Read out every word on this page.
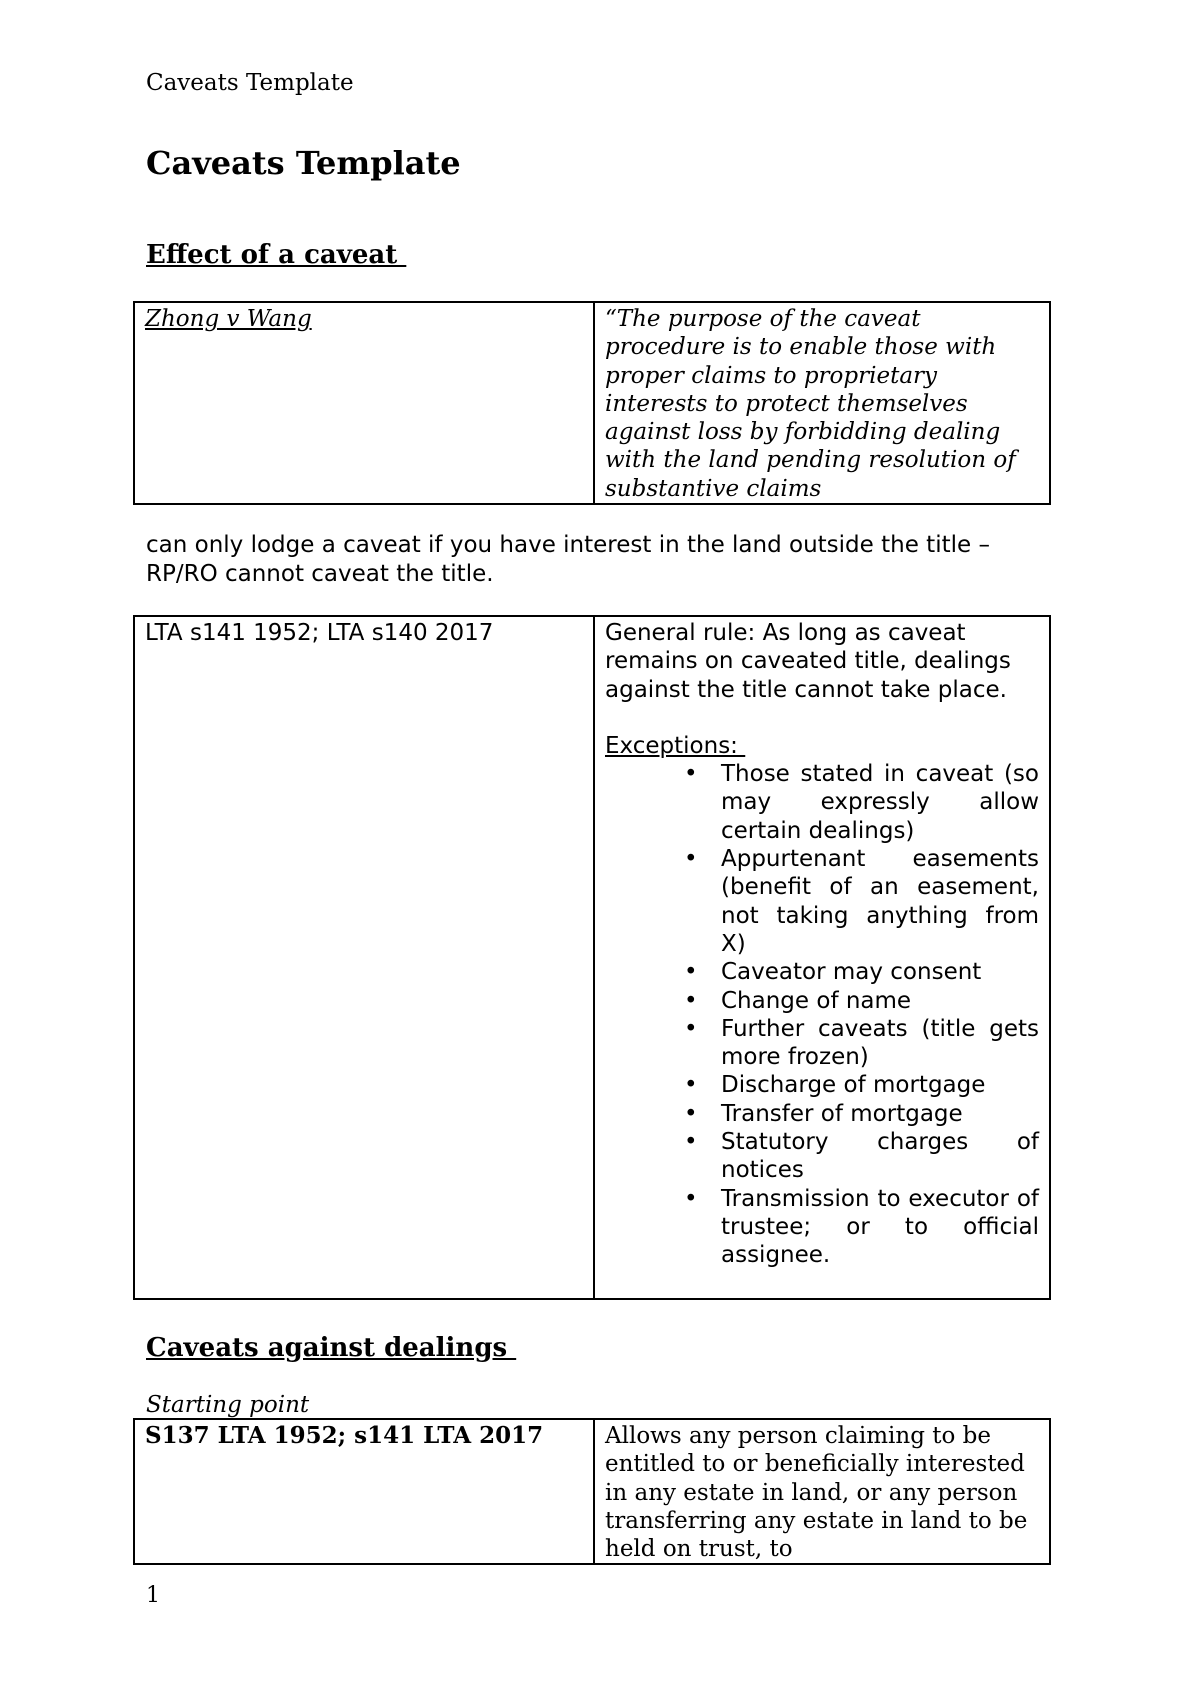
Caveats Template
Caveats Template
Effect of a caveat
Zhong v Wang	“The purpose of the caveat procedure is to enable those with proper claims to proprietary interests to protect themselves against loss by forbidding dealing with the land pending resolution of substantive claims

can only lodge a caveat if you have interest in the land outside the title – RP/RO cannot caveat the title.

LTA s141 1952; LTA s140 2017	General rule: As long as caveat remains on caveated title, dealings against the title cannot take place.
Exceptions:
• Those stated in caveat (so may expressly allow certain dealings)
• Appurtenant easements (benefit of an easement, not taking anything from X)
• Caveator may consent
• Change of name
• Further caveats (title gets more frozen)
• Discharge of mortgage
• Transfer of mortgage
• Statutory charges of notices
• Transmission to executor of trustee; or to official assignee.
Caveats against dealings
Starting point
S137 LTA 1952; s141 LTA 2017	Allows any person claiming to be entitled to or beneficially interested in any estate in land, or any person transferring any estate in land to be held on trust, to
1
